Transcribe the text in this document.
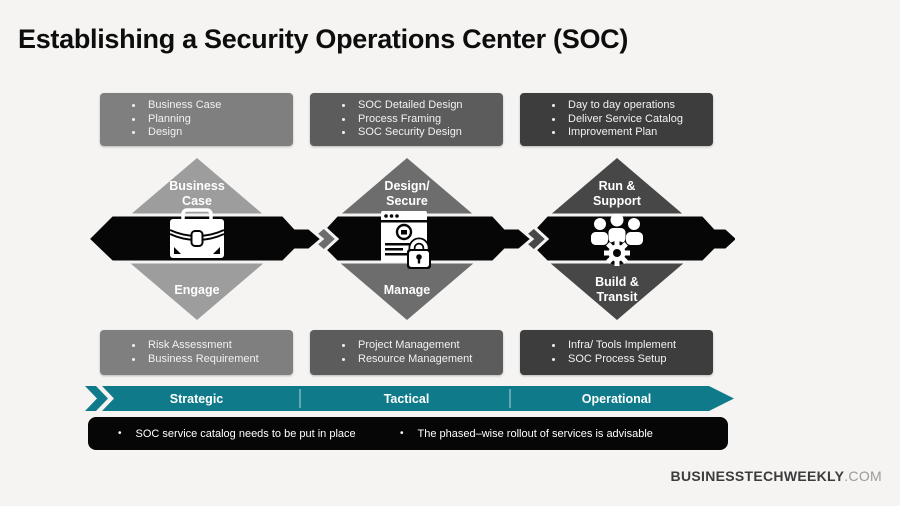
Establishing a Security Operations Center (SOC)
• Business Case
• Planning
• Design
• SOC Detailed Design
• Process Framing
• SOC Security Design
• Day to day operations
• Deliver Service Catalog
• Improvement Plan
Business Case
Design/ Secure
Run & Support
Engage	Manage
Build & Transit
• Risk Assessment
• Business Requirement
• Project Management
• Resource Management
• Infra/ Tools Implement
• SOC Process Setup
Strategic	Tactical	Operational
• SOC service catalog needs to be put in place	• The phased–wise rollout of services is advisable
BUSINESSTECHWEEKLY.COM
